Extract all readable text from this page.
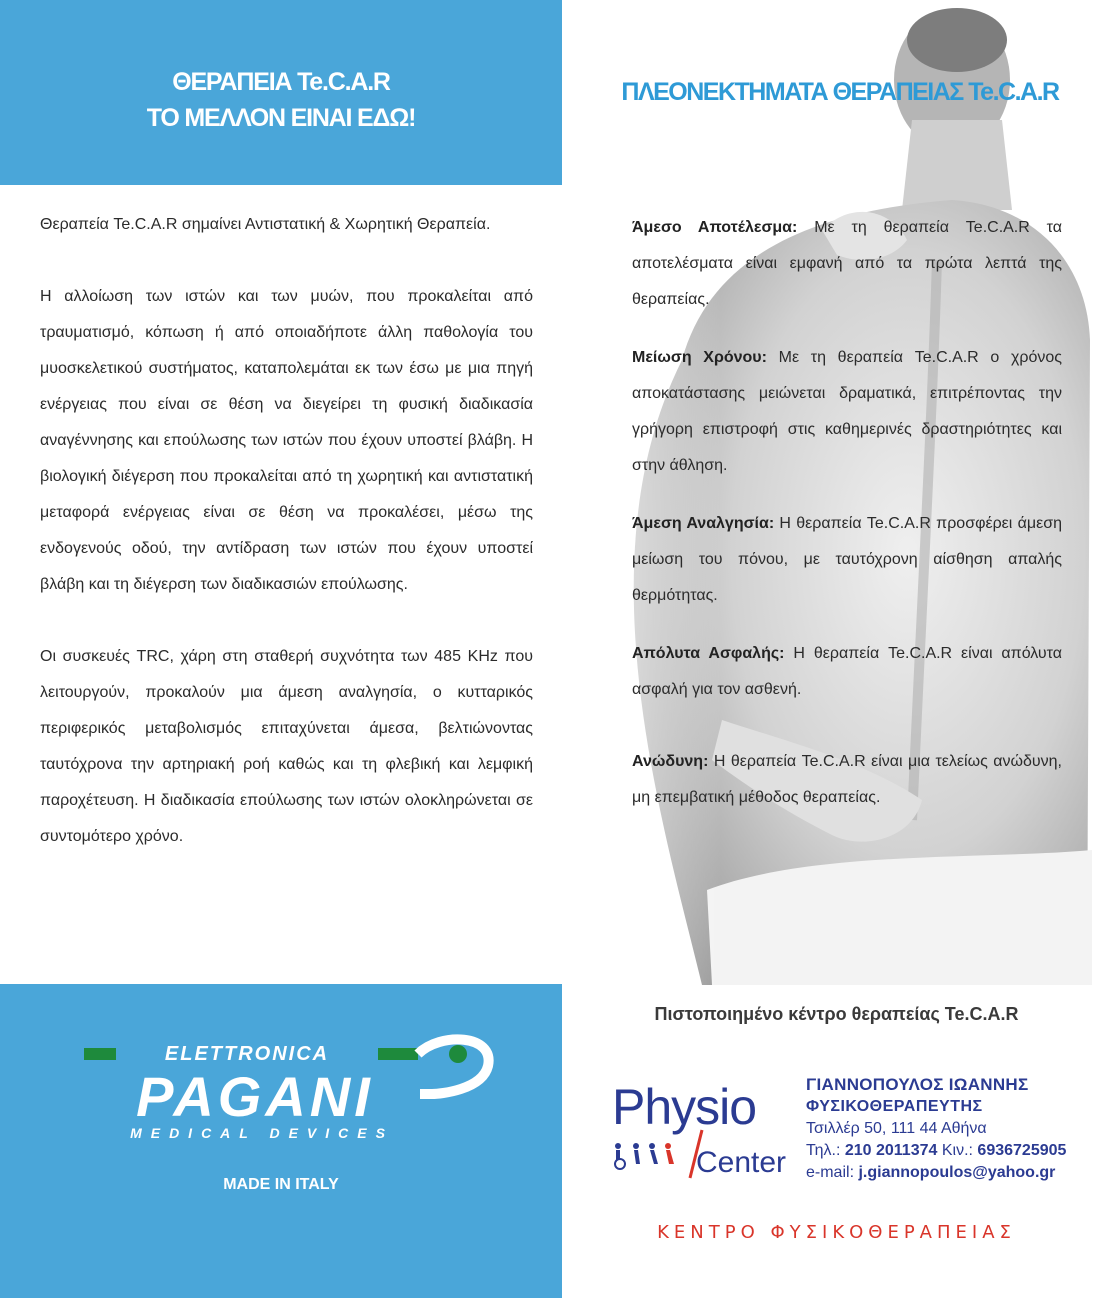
ΘΕΡΑΠΕΙΑ Te.C.A.R
ΤΟ ΜΕΛΛΟΝ ΕΙΝΑΙ ΕΔΩ!

Θεραπεία Te.C.A.R σημαίνει Αντιστατική & Χωρητική Θεραπεία.

Η αλλοίωση των ιστών και των μυών, που προκαλείται από τραυματισμό, κόπωση ή από οποιαδήποτε άλλη παθολογία του μυοσκελετικού συστήματος, καταπολεμάται εκ των έσω με μια πηγή ενέργειας που είναι σε θέση να διεγείρει τη φυσική διαδικασία αναγέννησης και επούλωσης των ιστών που έχουν υποστεί βλάβη. Η βιολογική διέγερση που προκαλείται από τη χωρητική και αντιστατική μεταφορά ενέργειας είναι σε θέση να προκαλέσει, μέσω της ενδογενούς οδού, την αντίδραση των ιστών που έχουν υποστεί βλάβη και τη διέγερση των διαδικασιών επούλωσης.

Οι συσκευές TRC, χάρη στη σταθερή συχνότητα των 485 KHz που λειτουργούν, προκαλούν μια άμεση αναλγησία, ο κυτταρικός περιφερικός μεταβολισμός επιταχύνεται άμεσα, βελτιώνοντας ταυτόχρονα την αρτηριακή ροή καθώς και τη φλεβική και λεμφική παροχέτευση. Η διαδικασία επούλωσης των ιστών ολοκληρώνεται σε συντομότερο χρόνο.

ELETTRONICA
PAGANI
MEDICAL DEVICES
MADE IN ITALY
ΠΛΕΟΝΕΚΤΗΜΑΤΑ ΘΕΡΑΠΕΙΑΣ Te.C.A.R

Άμεσο Αποτέλεσμα: Με τη θεραπεία Te.C.A.R τα αποτελέσματα είναι εμφανή από τα πρώτα λεπτά της θεραπείας.

Μείωση Χρόνου: Με τη θεραπεία Te.C.A.R ο χρόνος αποκατάστασης μειώνεται δραματικά, επιτρέποντας την γρήγορη επιστροφή στις καθημερινές δραστηριότητες και στην άθληση.

Άμεση Αναλγησία: Η θεραπεία Te.C.A.R προσφέρει άμεση μείωση του πόνου, με ταυτόχρονη αίσθηση απαλής θερμότητας.

Απόλυτα Ασφαλής: Η θεραπεία Te.C.A.R είναι απόλυτα ασφαλή για τον ασθενή.

Ανώδυνη: Η θεραπεία Te.C.A.R είναι μια τελείως ανώδυνη, μη επεμβατική μέθοδος θεραπείας.

Πιστοποιημένο κέντρο θεραπείας Te.C.A.R
Physio
Center
ΓΙΑΝΝΟΠΟΥΛΟΣ ΙΩΑΝΝΗΣ
ΦΥΣΙΚΟΘΕΡΑΠΕΥΤΗΣ
Τσιλλέρ 50, 111 44 Αθήνα
Τηλ.: 210 2011374 Κιν.: 6936725905
e-mail: j.giannopoulos@yahoo.gr
ΚΕΝΤΡΟ ΦΥΣΙΚΟΘΕΡΑΠΕΙΑΣ
